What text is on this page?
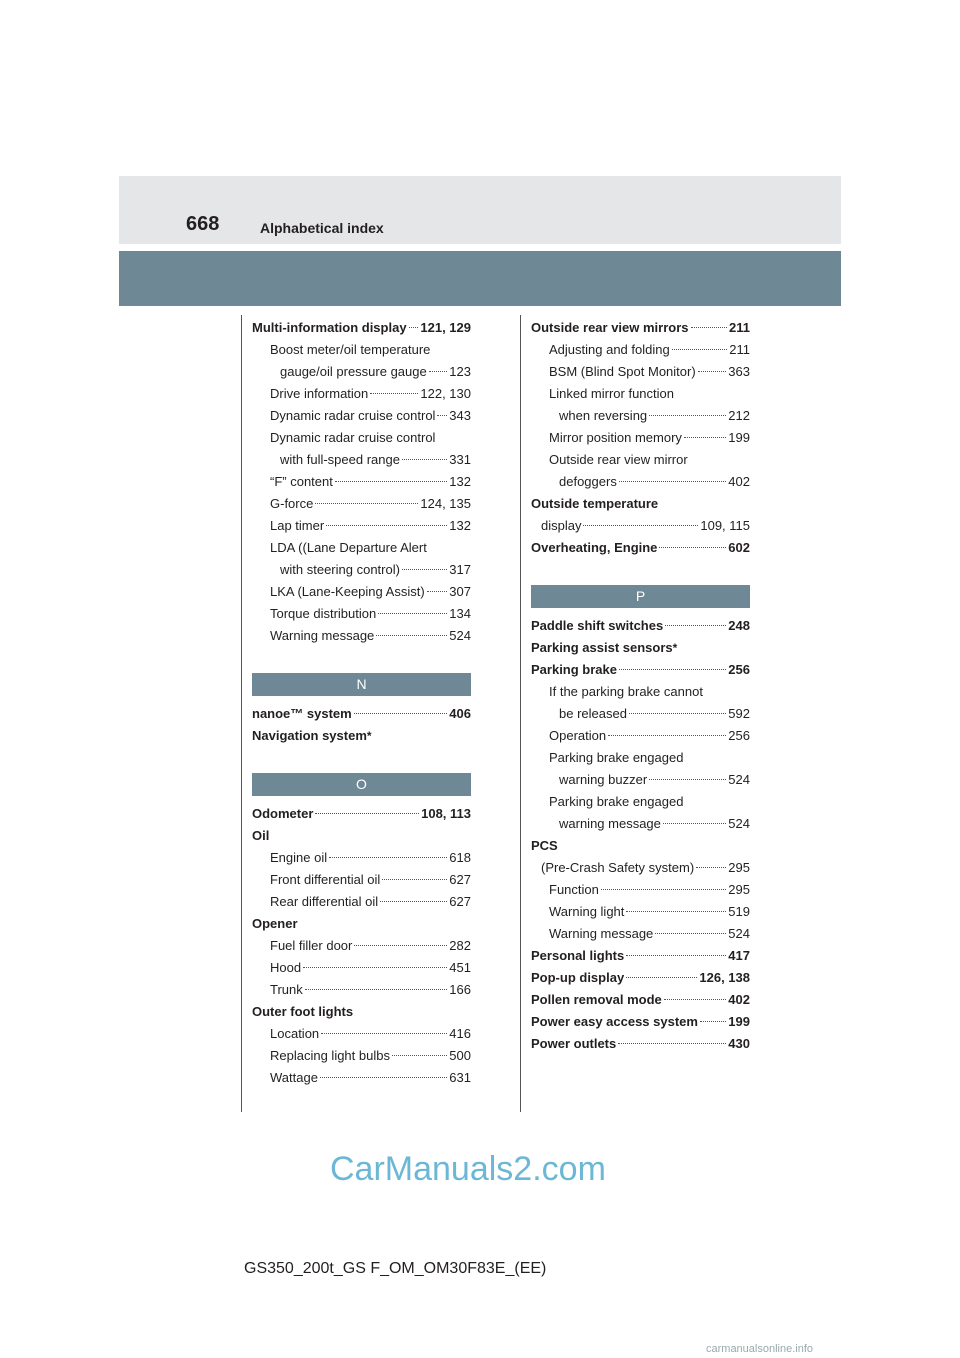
668	Alphabetical index
Multi-information display 121, 129
Boost meter/oil temperature
gauge/oil pressure gauge 123
Drive information	122, 130
Dynamic radar cruise control 343
Dynamic radar cruise control
with full-speed range	331
“F” content	132
G-force	124, 135
Lap timer	132
LDA ((Lane Departure Alert
with steering control)	317
LKA (Lane-Keeping Assist) 307
Torque distribution	134
Warning message	524
N
nanoe™ system	406
Navigation system *
O
Odometer	108, 113
Oil
Engine oil	618
Front differential oil	627
Rear differential oil	627
Opener
Fuel filler door	282
Hood	451
Trunk	166
Outer foot lights
Location	416
Replacing light bulbs	500
Wattage	631
Outside rear view mirrors	211
Adjusting and folding	211
BSM (Blind Spot Monitor)	363
Linked mirror function
when reversing	212
Mirror position memory	199
Outside rear view mirror
defoggers	402
Outside temperature
display	109, 115
Overheating, Engine	602
P
Paddle shift switches	248
Parking assist sensors *
Parking brake	256
If the parking brake cannot
be released	592
Operation	256
Parking brake engaged
warning buzzer	524
Parking brake engaged
warning message	524
PCS
(Pre-Crash Safety system)	295
Function	295
Warning light	519
Warning message	524
Personal lights	417
Pop-up display	126, 138
Pollen removal mode	402
Power easy access system 199
Power outlets	430
CarManuals2.com
GS350_200t_GS F_OM_OM30F83E_(EE)
carmanualsonline.info
